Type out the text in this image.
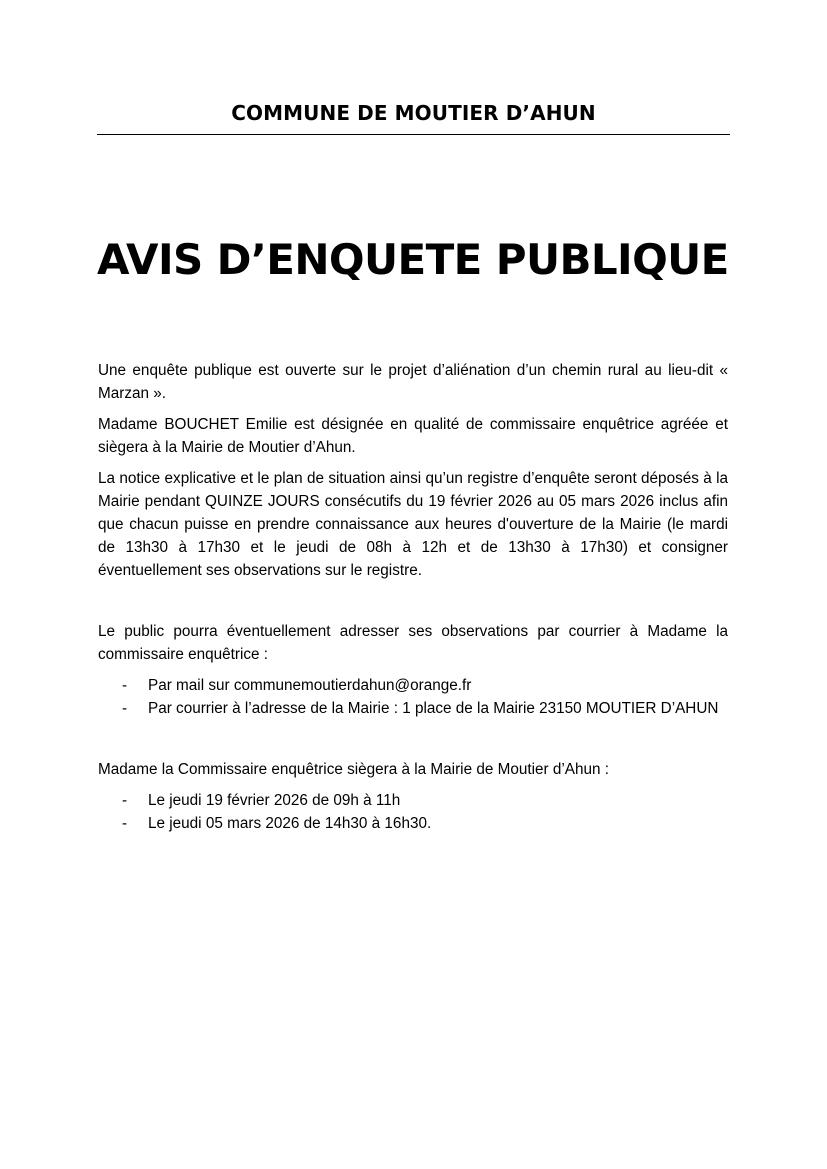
COMMUNE DE MOUTIER D’AHUN
AVIS D’ENQUETE PUBLIQUE

Une enquête publique est ouverte sur le projet d’aliénation d’un chemin rural au lieu-dit « Marzan ».

Madame BOUCHET Emilie est désignée en qualité de commissaire enquêtrice agréée et siègera à la Mairie de Moutier d’Ahun.

La notice explicative et le plan de situation ainsi qu’un registre d’enquête seront déposés à la Mairie pendant QUINZE JOURS consécutifs du 19 février 2026 au 05 mars 2026 inclus afin que chacun puisse en prendre connaissance aux heures d'ouverture de la Mairie (le mardi de 13h30 à 17h30 et le jeudi de 08h à 12h et de 13h30 à 17h30) et consigner éventuellement ses observations sur le registre.

Le public pourra éventuellement adresser ses observations par courrier à Madame la commissaire enquêtrice :

- Par mail sur communemoutierdahun@orange.fr
- Par courrier à l’adresse de la Mairie : 1 place de la Mairie 23150 MOUTIER D’AHUN

Madame la Commissaire enquêtrice siègera à la Mairie de Moutier d’Ahun :

- Le jeudi 19 février 2026 de 09h à 11h
- Le jeudi 05 mars 2026 de 14h30 à 16h30.
